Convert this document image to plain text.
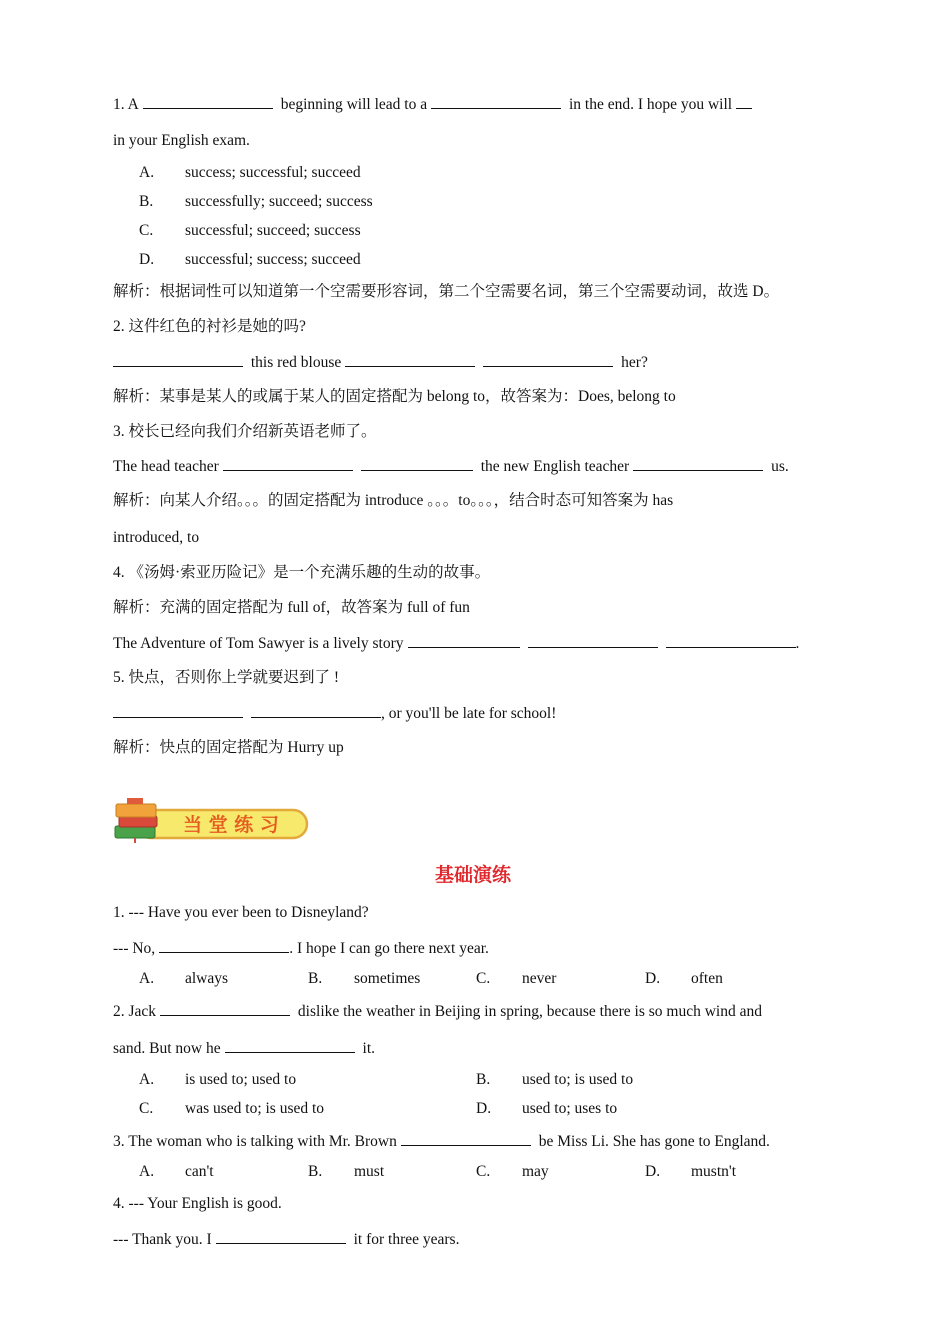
1. A	beginning will lead to a	in the end. I hope you will
in your English exam.
A. success; successful; succeed
B. successfully; succeed; success
C. successful; succeed; success
D. successful; success; succeed
解析：根据词性可以知道第一个空需要形容词，第二个空需要名词，第三个空需要动词，故选 D。
2. 这件红色的衬衫是她的吗?
this red blouse	her?
解析：某事是某人的或属于某人的固定搭配为 belong to，故答案为：Does, belong to
3. 校长已经向我们介绍新英语老师了。
The head teacher	the new English teacher	us.
解析：向某人介绍。。。的固定搭配为 introduce 。。。to。。。，结合时态可知答案为 has
introduced, to
4. 《汤姆·索亚历险记》是一个充满乐趣的生动的故事。
解析：充满的固定搭配为 full of，故答案为 full of fun
The Adventure of Tom Sawyer is a lively story	.
5. 快点，否则你上学就要迟到了 !
, or you'll be late for school!
解析：快点的固定搭配为 Hurry up
当 堂 练 习
基础演练
1. --- Have you ever been to Disneyland?
--- No,	. I hope I can go there next year.
A. always	B. sometimes	C. never	D. often
2. Jack	dislike the weather in Beijing in spring, because there is so much wind and
sand. But now he	it.
A. is used to; used to	B. used to; is used to
C. was used to; is used to	D. used to; uses to
3. The woman who is talking with Mr. Brown	be Miss Li. She has gone to England.
A. can't	B. must	C. may	D. mustn't
4. --- Your English is good.
--- Thank you. I	it for three years.
